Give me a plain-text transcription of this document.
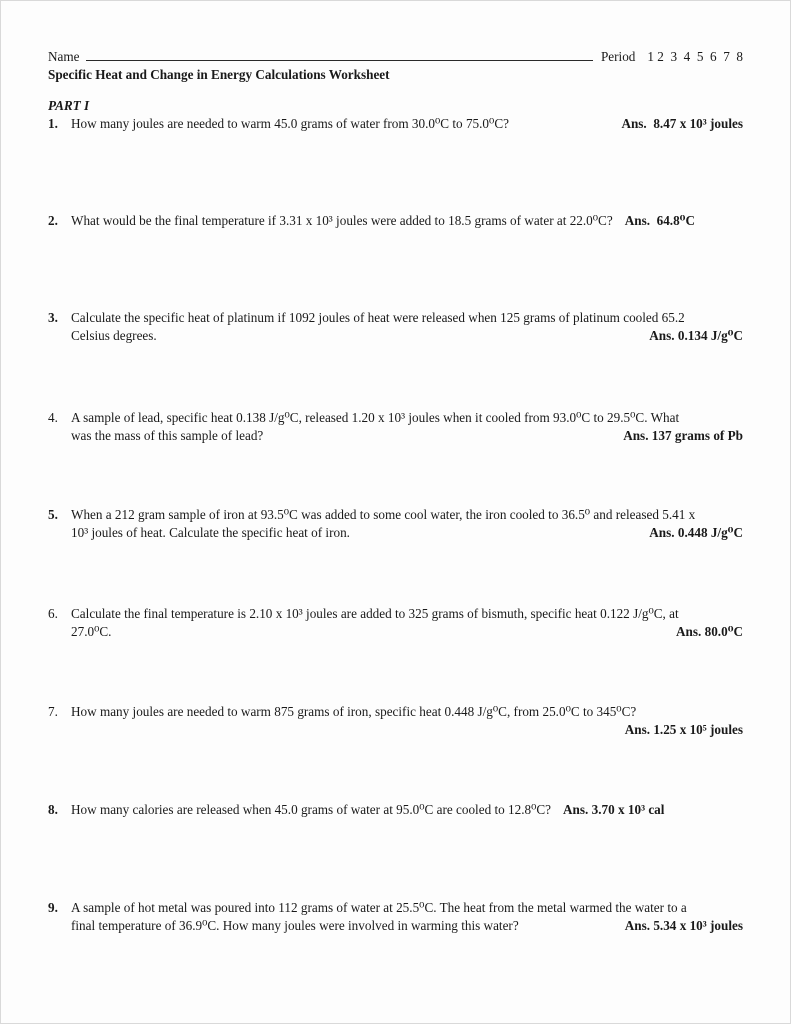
Name	Period 1 2  3  4  5  6  7  8
Specific Heat and Change in Energy Calculations Worksheet
PART I
1. How many joules are needed to warm 45.0 grams of water from 30.0⁰C to 75.0⁰C?	Ans.  8.47 x 10³ joules
2. What would be the final temperature if 3.31 x 10³ joules were added to 18.5 grams of water at 22.0⁰C? Ans.  64.8⁰C
3. Calculate the specific heat of platinum if 1092 joules of heat were released when 125 grams of platinum cooled 65.2
Celsius degrees.	Ans. 0.134 J/g⁰C
4. A sample of lead, specific heat 0.138 J/g⁰C, released 1.20 x 10³ joules when it cooled from 93.0⁰C to 29.5⁰C. What
was the mass of this sample of lead?	Ans. 137 grams of Pb
5. When a 212 gram sample of iron at 93.5⁰C was added to some cool water, the iron cooled to 36.5⁰ and released 5.41 x
10³ joules of heat. Calculate the specific heat of iron.	Ans. 0.448 J/g⁰C
6. Calculate the final temperature is 2.10 x 10³ joules are added to 325 grams of bismuth, specific heat 0.122 J/g⁰C, at
27.0⁰C.	Ans. 80.0⁰C
7. How many joules are needed to warm 875 grams of iron, specific heat 0.448 J/g⁰C, from 25.0⁰C to 345⁰C?
Ans. 1.25 x 10⁵ joules
8. How many calories are released when 45.0 grams of water at 95.0⁰C are cooled to 12.8⁰C? Ans. 3.70 x 10³ cal
9. A sample of hot metal was poured into 112 grams of water at 25.5⁰C. The heat from the metal warmed the water to a
final temperature of 36.9⁰C. How many joules were involved in warming this water?	Ans. 5.34 x 10³ joules
